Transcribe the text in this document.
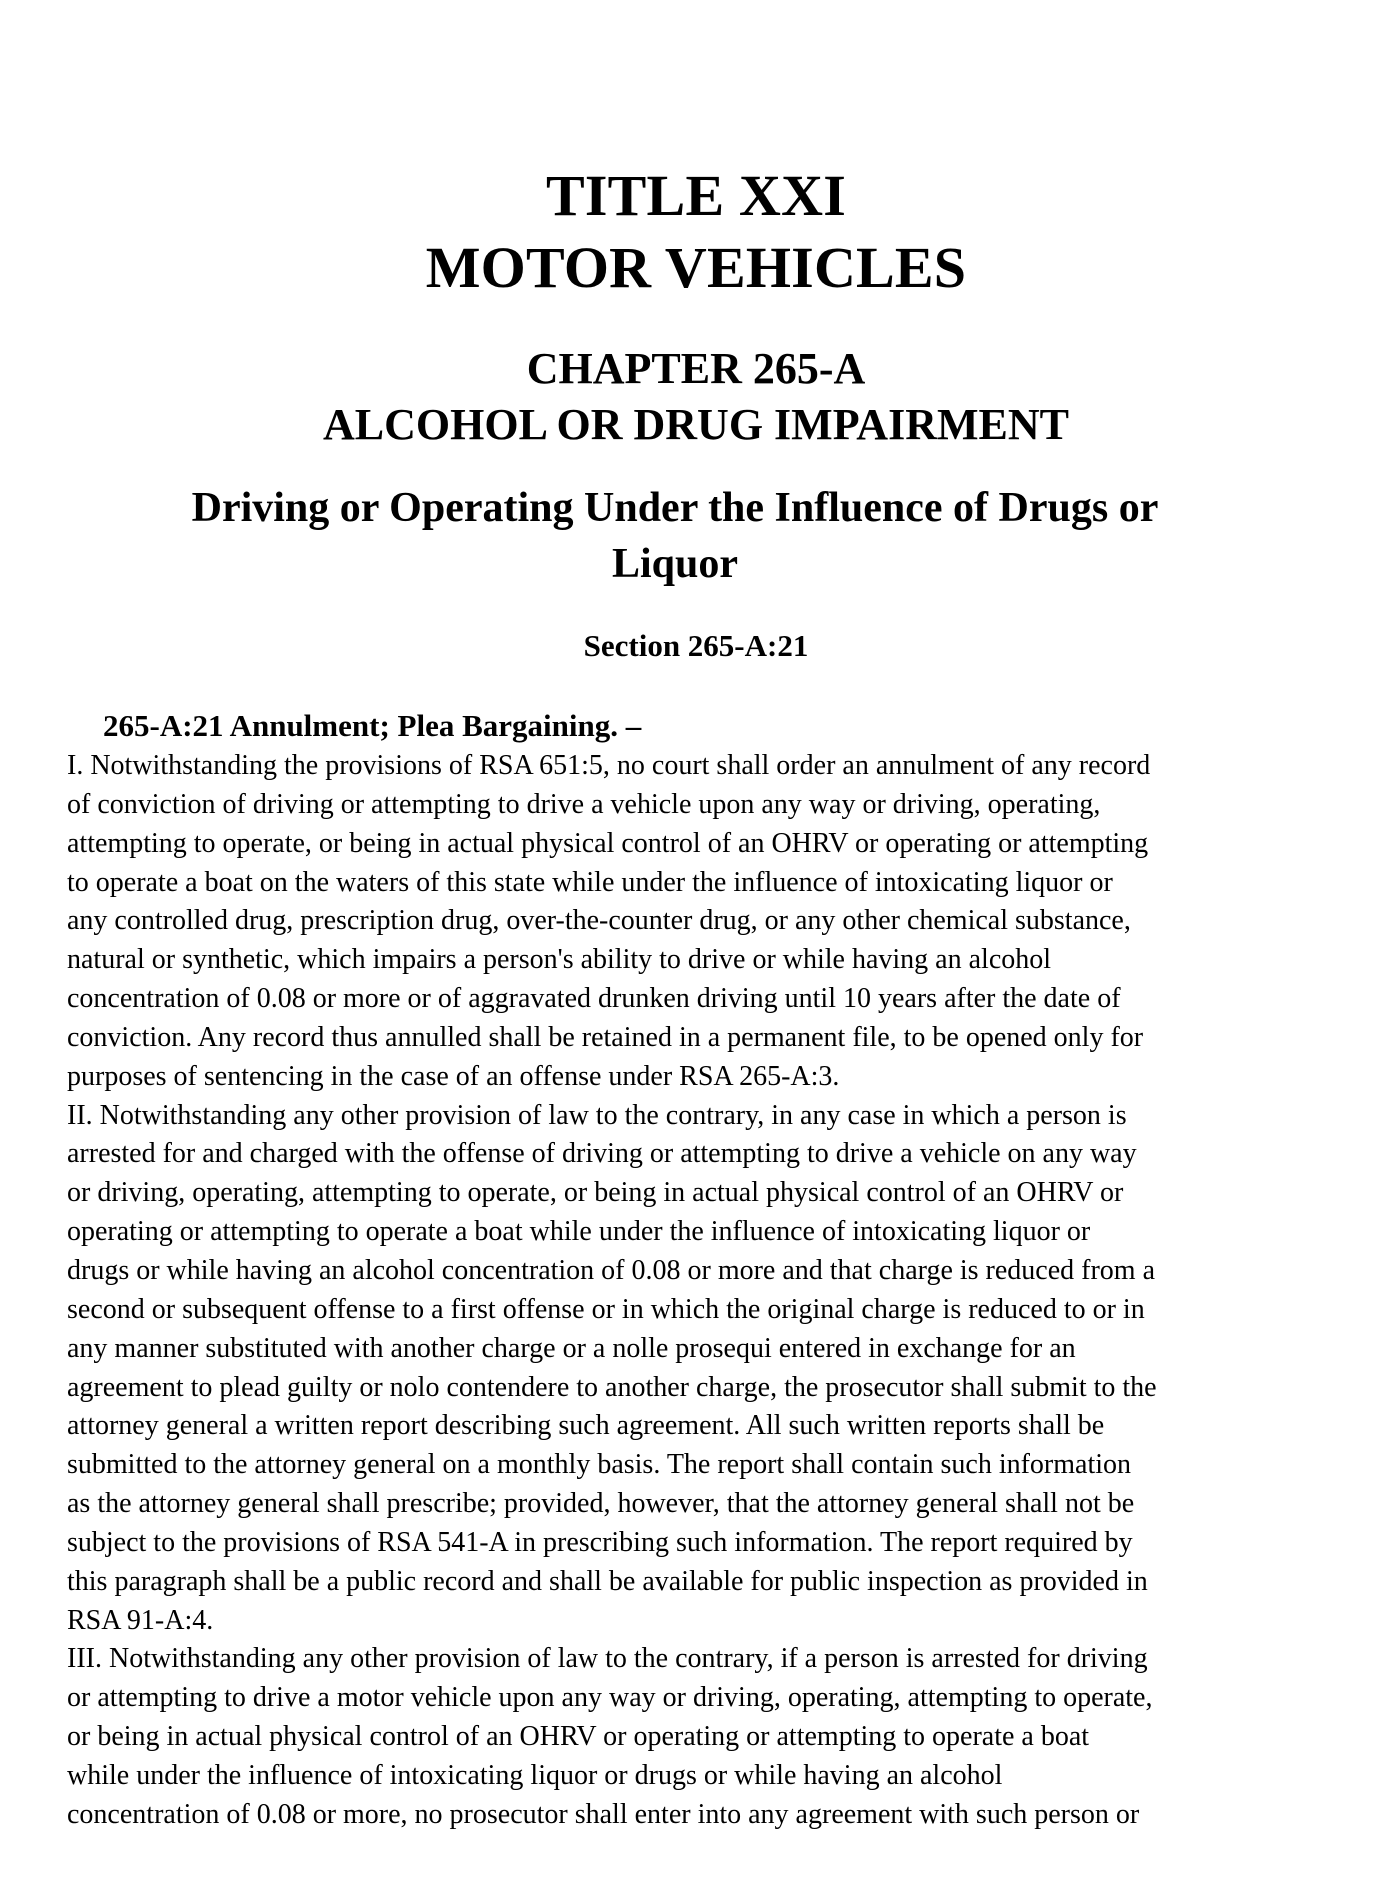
TITLE XXI
MOTOR VEHICLES
CHAPTER 265-A
ALCOHOL OR DRUG IMPAIRMENT
Driving or Operating Under the Influence of Drugs or
Liquor
Section 265-A:21
265-A:21 Annulment; Plea Bargaining. –
I. Notwithstanding the provisions of RSA 651:5, no court shall order an annulment of any record
of conviction of driving or attempting to drive a vehicle upon any way or driving, operating,
attempting to operate, or being in actual physical control of an OHRV or operating or attempting
to operate a boat on the waters of this state while under the influence of intoxicating liquor or
any controlled drug, prescription drug, over-the-counter drug, or any other chemical substance,
natural or synthetic, which impairs a person's ability to drive or while having an alcohol
concentration of 0.08 or more or of aggravated drunken driving until 10 years after the date of
conviction. Any record thus annulled shall be retained in a permanent file, to be opened only for
purposes of sentencing in the case of an offense under RSA 265-A:3.
II. Notwithstanding any other provision of law to the contrary, in any case in which a person is
arrested for and charged with the offense of driving or attempting to drive a vehicle on any way
or driving, operating, attempting to operate, or being in actual physical control of an OHRV or
operating or attempting to operate a boat while under the influence of intoxicating liquor or
drugs or while having an alcohol concentration of 0.08 or more and that charge is reduced from a
second or subsequent offense to a first offense or in which the original charge is reduced to or in
any manner substituted with another charge or a nolle prosequi entered in exchange for an
agreement to plead guilty or nolo contendere to another charge, the prosecutor shall submit to the
attorney general a written report describing such agreement. All such written reports shall be
submitted to the attorney general on a monthly basis. The report shall contain such information
as the attorney general shall prescribe; provided, however, that the attorney general shall not be
subject to the provisions of RSA 541-A in prescribing such information. The report required by
this paragraph shall be a public record and shall be available for public inspection as provided in
RSA 91-A:4.
III. Notwithstanding any other provision of law to the contrary, if a person is arrested for driving
or attempting to drive a motor vehicle upon any way or driving, operating, attempting to operate,
or being in actual physical control of an OHRV or operating or attempting to operate a boat
while under the influence of intoxicating liquor or drugs or while having an alcohol
concentration of 0.08 or more, no prosecutor shall enter into any agreement with such person or
